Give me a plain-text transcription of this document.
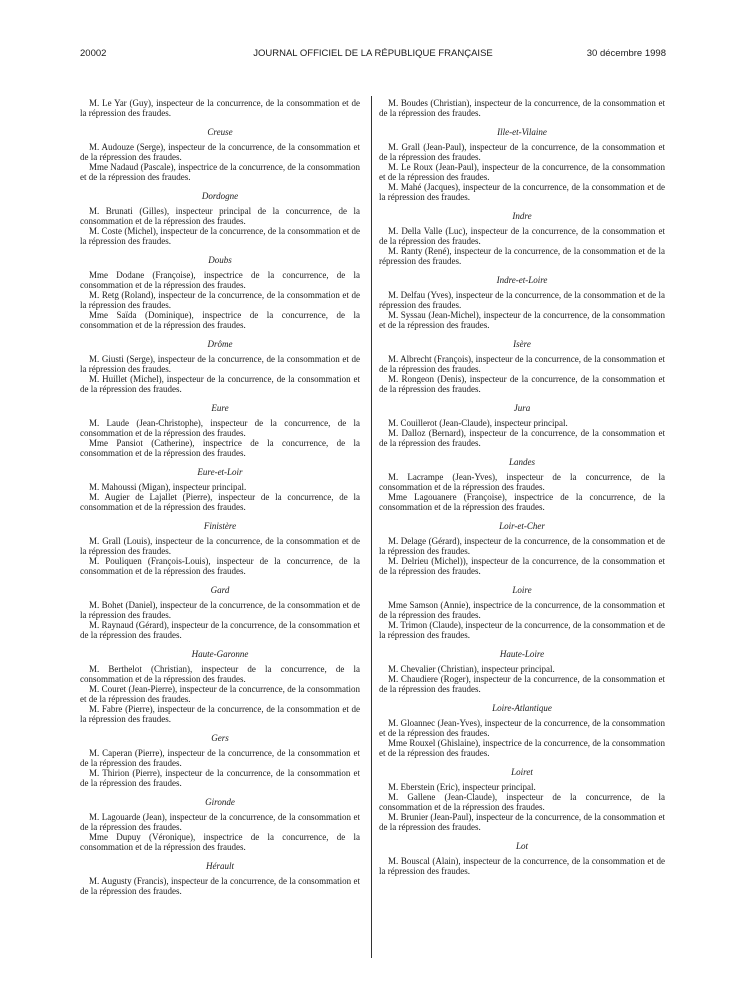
20002	JOURNAL OFFICIEL DE LA RÉPUBLIQUE FRANÇAISE	30 décembre 1998

M. Le Yar (Guy), inspecteur de la concurrence, de la consommation et de la répression des fraudes.

Creuse

M. Audouze (Serge), inspecteur de la concurrence, de la consommation et de la répression des fraudes.

Mme Nadaud (Pascale), inspectrice de la concurrence, de la consommation et de la répression des fraudes.

Dordogne

M. Brunati (Gilles), inspecteur principal de la concurrence, de la consommation et de la répression des fraudes.

M. Coste (Michel), inspecteur de la concurrence, de la consommation et de la répression des fraudes.

Doubs

Mme Dodane (Françoise), inspectrice de la concurrence, de la consommation et de la répression des fraudes.

M. Retg (Roland), inspecteur de la concurrence, de la consommation et de la répression des fraudes.

Mme Saïda (Dominique), inspectrice de la concurrence, de la consommation et de la répression des fraudes.

Drôme

M. Giusti (Serge), inspecteur de la concurrence, de la consommation et de la répression des fraudes.

M. Huillet (Michel), inspecteur de la concurrence, de la consommation et de la répression des fraudes.

Eure

M. Laude (Jean-Christophe), inspecteur de la concurrence, de la consommation et de la répression des fraudes.

Mme Pansiot (Catherine), inspectrice de la concurrence, de la consommation et de la répression des fraudes.

Eure-et-Loir

M. Mahoussi (Migan), inspecteur principal.

M. Augier de Lajallet (Pierre), inspecteur de la concurrence, de la consommation et de la répression des fraudes.

Finistère

M. Grall (Louis), inspecteur de la concurrence, de la consommation et de la répression des fraudes.

M. Pouliquen (François-Louis), inspecteur de la concurrence, de la consommation et de la répression des fraudes.

Gard

M. Bohet (Daniel), inspecteur de la concurrence, de la consommation et de la répression des fraudes.

M. Raynaud (Gérard), inspecteur de la concurrence, de la consommation et de la répression des fraudes.

Haute-Garonne

M. Berthelot (Christian), inspecteur de la concurrence, de la consommation et de la répression des fraudes.

M. Couret (Jean-Pierre), inspecteur de la concurrence, de la consommation et de la répression des fraudes.

M. Fabre (Pierre), inspecteur de la concurrence, de la consommation et de la répression des fraudes.

Gers

M. Caperan (Pierre), inspecteur de la concurrence, de la consommation et de la répression des fraudes.

M. Thirion (Pierre), inspecteur de la concurrence, de la consommation et de la répression des fraudes.

Gironde

M. Lagouarde (Jean), inspecteur de la concurrence, de la consommation et de la répression des fraudes.

Mme Dupuy (Véronique), inspectrice de la concurrence, de la consommation et de la répression des fraudes.

Hérault

M. Augusty (Francis), inspecteur de la concurrence, de la consommation et de la répression des fraudes.

M. Boudes (Christian), inspecteur de la concurrence, de la consommation et de la répression des fraudes.

Ille-et-Vilaine

M. Grall (Jean-Paul), inspecteur de la concurrence, de la consommation et de la répression des fraudes.

M. Le Roux (Jean-Paul), inspecteur de la concurrence, de la consommation et de la répression des fraudes.

M. Mahé (Jacques), inspecteur de la concurrence, de la consommation et de la répression des fraudes.

Indre

M. Della Valle (Luc), inspecteur de la concurrence, de la consommation et de la répression des fraudes.

M. Ranty (René), inspecteur de la concurrence, de la consommation et de la répression des fraudes.

Indre-et-Loire

M. Delfau (Yves), inspecteur de la concurrence, de la consommation et de la répression des fraudes.

M. Syssau (Jean-Michel), inspecteur de la concurrence, de la consommation et de la répression des fraudes.

Isère

M. Albrecht (François), inspecteur de la concurrence, de la consommation et de la répression des fraudes.

M. Rongeon (Denis), inspecteur de la concurrence, de la consommation et de la répression des fraudes.

Jura

M. Couillerot (Jean-Claude), inspecteur principal.

M. Dalloz (Bernard), inspecteur de la concurrence, de la consommation et de la répression des fraudes.

Landes

M. Lacrampe (Jean-Yves), inspecteur de la concurrence, de la consommation et de la répression des fraudes.

Mme Lagouanere (Françoise), inspectrice de la concurrence, de la consommation et de la répression des fraudes.

Loir-et-Cher

M. Delage (Gérard), inspecteur de la concurrence, de la consommation et de la répression des fraudes.

M. Delrieu (Michel)), inspecteur de la concurrence, de la consommation et de la répression des fraudes.

Loire

Mme Samson (Annie), inspectrice de la concurrence, de la consommation et de la répression des fraudes.

M. Trimon (Claude), inspecteur de la concurrence, de la consommation et de la répression des fraudes.

Haute-Loire

M. Chevalier (Christian), inspecteur principal.

M. Chaudiere (Roger), inspecteur de la concurrence, de la consommation et de la répression des fraudes.

Loire-Atlantique

M. Gloannec (Jean-Yves), inspecteur de la concurrence, de la consommation et de la répression des fraudes.

Mme Rouxel (Ghislaine), inspectrice de la concurrence, de la consommation et de la répression des fraudes.

Loiret

M. Eberstein (Eric), inspecteur principal.

M. Gallene (Jean-Claude), inspecteur de la concurrence, de la consommation et de la répression des fraudes.

M. Brunier (Jean-Paul), inspecteur de la concurrence, de la consommation et de la répression des fraudes.

Lot

M. Bouscal (Alain), inspecteur de la concurrence, de la consommation et de la répression des fraudes.
